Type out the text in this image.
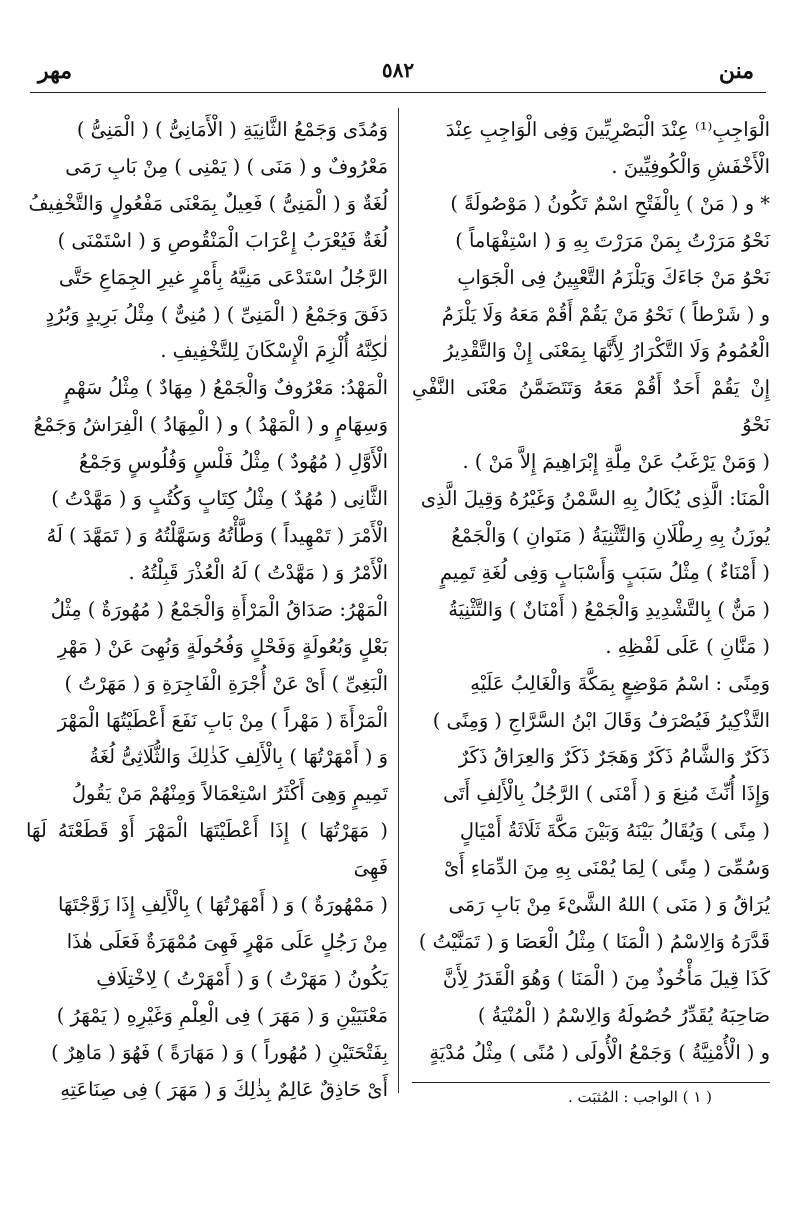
منن
٥٨٢
مهر

الْوَاجِبِ⁽¹⁾ عِنْدَ الْبَصْرِيِّينَ وَفِى الْوَاجِبِ عِنْدَ

الْأَخْفَشِ وَالْكُوفِيِّينَ .

* و ( مَنْ ) بِالْفَتْحِ اسْمٌ تَكُونُ ( مَوْصُولَةً )

نَحْوُ مَرَرْتُ بِمَنْ مَرَرْتَ بِهِ وَ ( اسْتِفْهَاماً )

نَحْوُ مَنْ جَاءَكَ وَيَلْزَمُ التَّعْيِينُ فِى الْجَوَابِ

و ( شَرْطاً ) نَحْوُ مَنْ يَقُمْ أَقُمْ مَعَهُ وَلَا يَلْزَمُ

الْعُمُومُ وَلَا التَّكْرَارُ لِأَنَّهَا بِمَعْنَى إِنْ وَالتَّقْدِيرُ

إِنْ يَقُمْ أَحَدٌ أَقُمْ مَعَهُ وَتَتَضَمَّنُ مَعْنَى النَّفْىِ نَحْوُ

( وَمَنْ يَرْغَبُ عَنْ مِلَّةِ إِبْرَاهِيمَ إِلاَّ مَنْ ) .

الْمَنَا: الَّذِى يُكَالُ بِهِ السَّمْنُ وَغَيْرُهُ وَقِيلَ الَّذِى

يُوزَنُ بِهِ رِطْلَانِ وَالتَّثْنِيَةُ ( مَنَوانِ ) وَالْجَمْعُ

( أَمْنَاءٌ ) مِثْلُ سَبَبٍ وَأَسْبَابٍ وَفِى لُغَةِ تَمِيمٍ

( مَنٌّ ) بِالتَّشْدِيدِ وَالْجَمْعُ ( أَمْنَانٌ ) وَالتَّثْنِيَةُ

( مَنَّانِ ) عَلَى لَفْظِهِ .

وَمِنًى : اسْمُ مَوْضِعٍ بِمَكَّةَ وَالْغَالِبُ عَلَيْهِ

التَّذْكِيرُ فَيُصْرَفُ وَقَالَ ابْنُ السَّرَّاجِ ( وَمِنًى )

ذَكَرٌ وَالشَّامُ ذَكَرٌ وَهَجَرٌ ذَكَرٌ وَالعِرَاقُ ذَكَرٌ

وَإِذَا أُنِّثَ مُنِعَ وَ ( أَمْنَى ) الرَّجُلُ بِالْأَلِفِ أَتَى

( مِنًى ) وَيُقَالُ بَيْنَهُ وَبَيْنَ مَكَّةَ ثَلَاثَةُ أَمْيَالٍ

وَسُمِّىَ ( مِنًى ) لِمَا يُمْنَى بِهِ مِنَ الدِّمَاءِ أَىْ

يُرَاقُ وَ ( مَنَى ) اللهُ الشَّىْءَ مِنْ بَابِ رَمَى

قَدَّرَهُ وَالِاسْمُ ( الْمَنَا ) مِثْلُ الْعَصَا وَ ( تَمَنَّيْتُ )

كَذَا قِيلَ مَأْخُوذٌ مِنَ ( الْمَنَا ) وَهُوَ الْقَدَرُ لِأَنَّ

صَاحِبَهُ يُقَدِّرُ حُصُولَهُ وَالِاسْمُ ( الْمُنْيَةُ )

و ( الْأُمْنِيَّةُ ) وَجَمْعُ الْأُولَى ( مُنًى ) مِثْلُ مُدْيَةٍ

وَمُدًى وَجَمْعُ الثَّانِيَةِ ( الْأَمَانِىُّ ) ( الْمَنِىُّ )

مَعْرُوفٌ و ( مَنَى ) ( يَمْنِى ) مِنْ بَابِ رَمَى

لُغَةٌ وَ ( الْمَنِىُّ ) فَعِيلٌ بِمَعْنَى مَفْعُولٍ وَالتَّخْفِيفُ

لُغَةٌ فَيُعْرَبُ إِعْرَابَ الْمَنْقُوصِ وَ ( اسْتَمْنَى )

الرَّجُلُ اسْتَدْعَى مَنِيَّهُ بِأَمْرٍ غيرِ الجِمَاعِ حَتَّى

دَفَقَ وَجَمْعُ ( الْمَنِىِّ ) ( مُنِىٌّ ) مِثْلُ بَرِيدٍ وَبُرُدٍ

لٰكِنَّهُ أُلْزِمَ الْإِسْكَانَ لِلتَّخْفِيفِ .

الْمَهْدُ: مَعْرُوفٌ وَالْجَمْعُ ( مِهَادٌ ) مِثْلُ سَهْمٍ

وَسِهَامٍ و ( الْمَهْدُ ) و ( الْمِهَادُ ) الْفِرَاشُ وَجَمْعُ

الْأَوَّلِ ( مُهُودٌ ) مِثْلُ فَلْسٍ وَفُلُوسٍ وَجَمْعُ

الثَّانِى ( مُهُدٌ ) مِثْلُ كِتَابٍ وَكُتُبٍ وَ ( مَهَّدْتُ )

الْأَمْرَ ( تَمْهِيداً ) وَطَّأْتُهُ وَسَهَّلْتُهُ وَ ( تَمَهَّدَ ) لَهُ

الْأَمْرُ وَ ( مَهَّدْتُ ) لَهُ الْعُذْرَ قَبِلْتُهُ .

الْمَهْرُ: صَدَاقُ الْمَرْأَةِ وَالْجَمْعُ ( مُهُورَةٌ ) مِثْلُ

بَعْلٍ وَبُعُولَةٍ وَفَحْلٍ وَفُحُولَةٍ وَنُهِىَ عَنْ ( مَهْرِ

الْبَغِىِّ ) أَىْ عَنْ أُجْرَةِ الْفَاجِرَةِ وَ ( مَهَرْتُ )

الْمَرْأَةَ ( مَهْراً ) مِنْ بَابِ نَفَعَ أَعْطَيْتُهَا الْمَهْرَ

وَ ( أَمْهَرْتُهَا ) بِالْأَلِفِ كَذٰلِكَ وَالثُّلَاثِىُّ لُغَةُ

تَمِيمٍ وَهِىَ أَكْثَرُ اسْتِعْمَالاً وَمِنْهُمْ مَنْ يَقُولُ

( مَهَرْتُهَا ) إِذَا أَعْطَيْتَهَا الْمَهْرَ أَوْ قَطَعْتَهُ لَهَا فَهِىَ

( مَمْهُورَةٌ ) وَ ( أَمْهَرْتُهَا ) بِالْأَلِفِ إِذَا زَوَّجْتَهَا

مِنْ رَجُلٍ عَلَى مَهْرٍ فَهِىَ مُمْهَرَةٌ فَعَلَى هٰذَا

يَكُونُ ( مَهَرْتُ ) وَ ( أَمْهَرْتُ ) لِاخْتِلَافِ

مَعْنَيَيْنِ وَ ( مَهَرَ ) فِى الْعِلْمِ وَغَيْرِهِ ( يَمْهَرُ )

بِفَتْحَتَيْنِ ( مُهُوراً ) وَ ( مَهَارَةً ) فَهُوَ ( مَاهِرٌ )

أَىْ حَاذِقٌ عَالِمٌ بِذٰلِكَ وَ ( مَهَرَ ) فِى صِنَاعَتِهِ	( ١ ) الواجب : المُثبَت .
